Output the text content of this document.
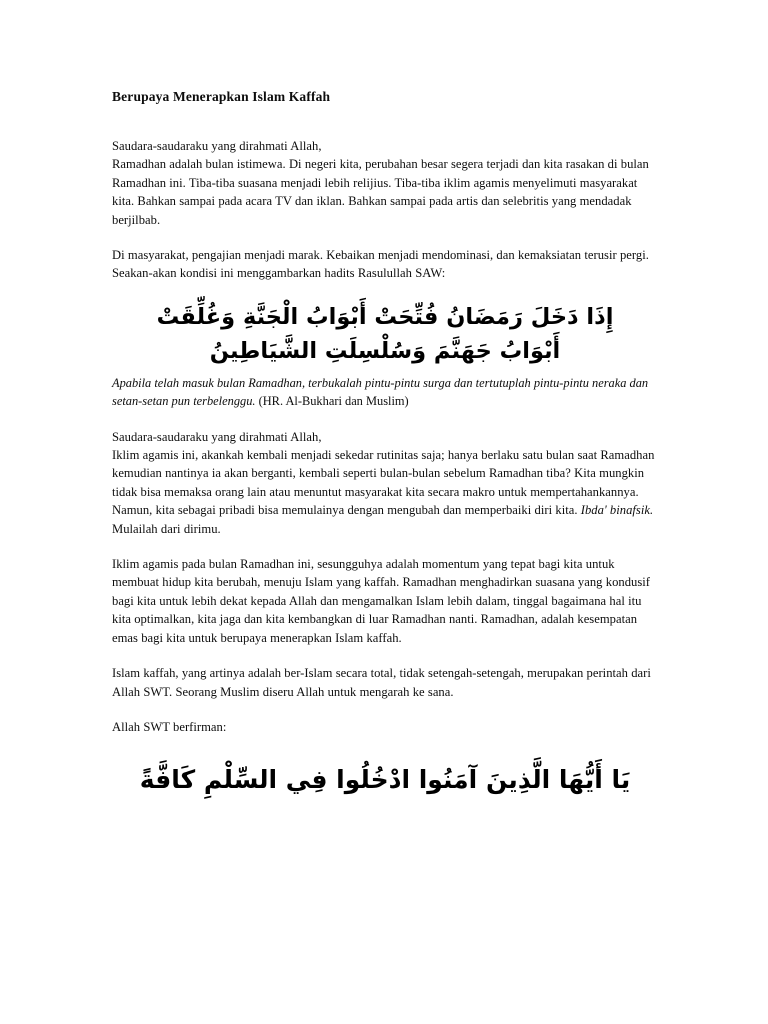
Berupaya Menerapkan Islam Kaffah

Saudara-saudaraku yang dirahmati Allah,
Ramadhan adalah bulan istimewa. Di negeri kita, perubahan besar segera terjadi dan kita rasakan di bulan Ramadhan ini. Tiba-tiba suasana menjadi lebih relijius. Tiba-tiba iklim agamis menyelimuti masyarakat kita. Bahkan sampai pada acara TV dan iklan. Bahkan sampai pada artis dan selebritis yang mendadak berjilbab.

Di masyarakat, pengajian menjadi marak. Kebaikan menjadi mendominasi, dan kemaksiatan terusir pergi. Seakan-akan kondisi ini menggambarkan hadits Rasulullah SAW:

إِذَا دَخَلَ رَمَضَانُ فُتِّحَتْ أَبْوَابُ الْجَنَّةِ وَغُلِّقَتْ
أَبْوَابُ جَهَنَّمَ وَسُلْسِلَتِ الشَّيَاطِينُ

Apabila telah masuk bulan Ramadhan, terbukalah pintu-pintu surga dan tertutuplah pintu-pintu neraka dan setan-setan pun terbelenggu. (HR. Al-Bukhari dan Muslim)

Saudara-saudaraku yang dirahmati Allah,
Iklim agamis ini, akankah kembali menjadi sekedar rutinitas saja; hanya berlaku satu bulan saat Ramadhan kemudian nantinya ia akan berganti, kembali seperti bulan-bulan sebelum Ramadhan tiba? Kita mungkin tidak bisa memaksa orang lain atau menuntut masyarakat kita secara makro untuk mempertahankannya. Namun, kita sebagai pribadi bisa memulainya dengan mengubah dan memperbaiki diri kita. Ibda' binafsik. Mulailah dari dirimu.

Iklim agamis pada bulan Ramadhan ini, sesungguhya adalah momentum yang tepat bagi kita untuk membuat hidup kita berubah, menuju Islam yang kaffah. Ramadhan menghadirkan suasana yang kondusif bagi kita untuk lebih dekat kepada Allah dan mengamalkan Islam lebih dalam, tinggal bagaimana hal itu kita optimalkan, kita jaga dan kita kembangkan di luar Ramadhan nanti. Ramadhan, adalah kesempatan emas bagi kita untuk berupaya menerapkan Islam kaffah.

Islam kaffah, yang artinya adalah ber-Islam secara total, tidak setengah-setengah, merupakan perintah dari Allah SWT. Seorang Muslim diseru Allah untuk mengarah ke sana.

Allah SWT berfirman:

يَا أَيُّهَا الَّذِينَ آمَنُوا ادْخُلُوا فِي السِّلْمِ كَافَّةً
